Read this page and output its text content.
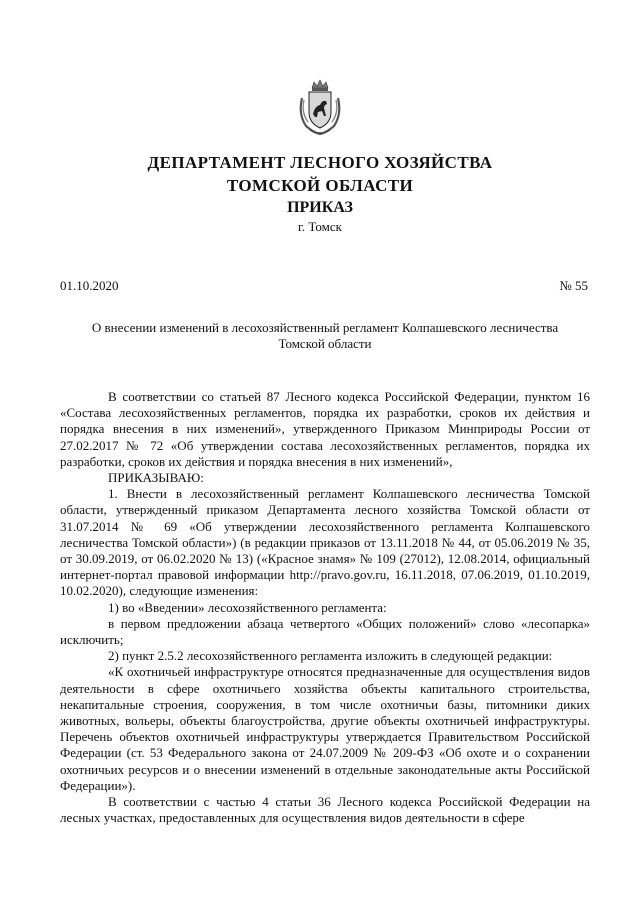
ДЕПАРТАМЕНТ ЛЕСНОГО ХОЗЯЙСТВА
ТОМСКОЙ ОБЛАСТИ
ПРИКАЗ
г. Томск
01.10.2020	№ 55
О внесении изменений в лесохозяйственный регламент Колпашевского лесничества
Томской области

В соответствии со статьей 87 Лесного кодекса Российской Федерации, пунктом 16 «Состава лесохозяйственных регламентов, порядка их разработки, сроков их действия и порядка внесения в них изменений», утвержденного Приказом Минприроды России от 27.02.2017 № 72 «Об утверждении состава лесохозяйственных регламентов, порядка их разработки, сроков их действия и порядка внесения в них изменений»,

ПРИКАЗЫВАЮ:

1. Внести в лесохозяйственный регламент Колпашевского лесничества Томской области, утвержденный приказом Департамента лесного хозяйства Томской области от 31.07.2014 № 69 «Об утверждении лесохозяйственного регламента Колпашевского лесничества Томской области») (в редакции приказов от 13.11.2018 № 44, от 05.06.2019 № 35, от 30.09.2019, от 06.02.2020 № 13) («Красное знамя» № 109 (27012), 12.08.2014, официальный интернет-портал правовой информации http://pravo.gov.ru, 16.11.2018, 07.06.2019, 01.10.2019, 10.02.2020), следующие изменения:

1) во «Введении» лесохозяйственного регламента:

в первом предложении абзаца четвертого «Общих положений» слово «лесопарка» исключить;

2) пункт 2.5.2 лесохозяйственного регламента изложить в следующей редакции:

«К охотничьей инфраструктуре относятся предназначенные для осуществления видов деятельности в сфере охотничьего хозяйства объекты капитального строительства, некапитальные строения, сооружения, в том числе охотничьи базы, питомники диких животных, вольеры, объекты благоустройства, другие объекты охотничьей инфраструктуры. Перечень объектов охотничьей инфраструктуры утверждается Правительством Российской Федерации (ст. 53 Федерального закона от 24.07.2009 № 209-ФЗ «Об охоте и о сохранении охотничьих ресурсов и о внесении изменений в отдельные законодательные акты Российской Федерации»).

В соответствии с частью 4 статьи 36 Лесного кодекса Российской Федерации на лесных участках, предоставленных для осуществления видов деятельности в сфере
